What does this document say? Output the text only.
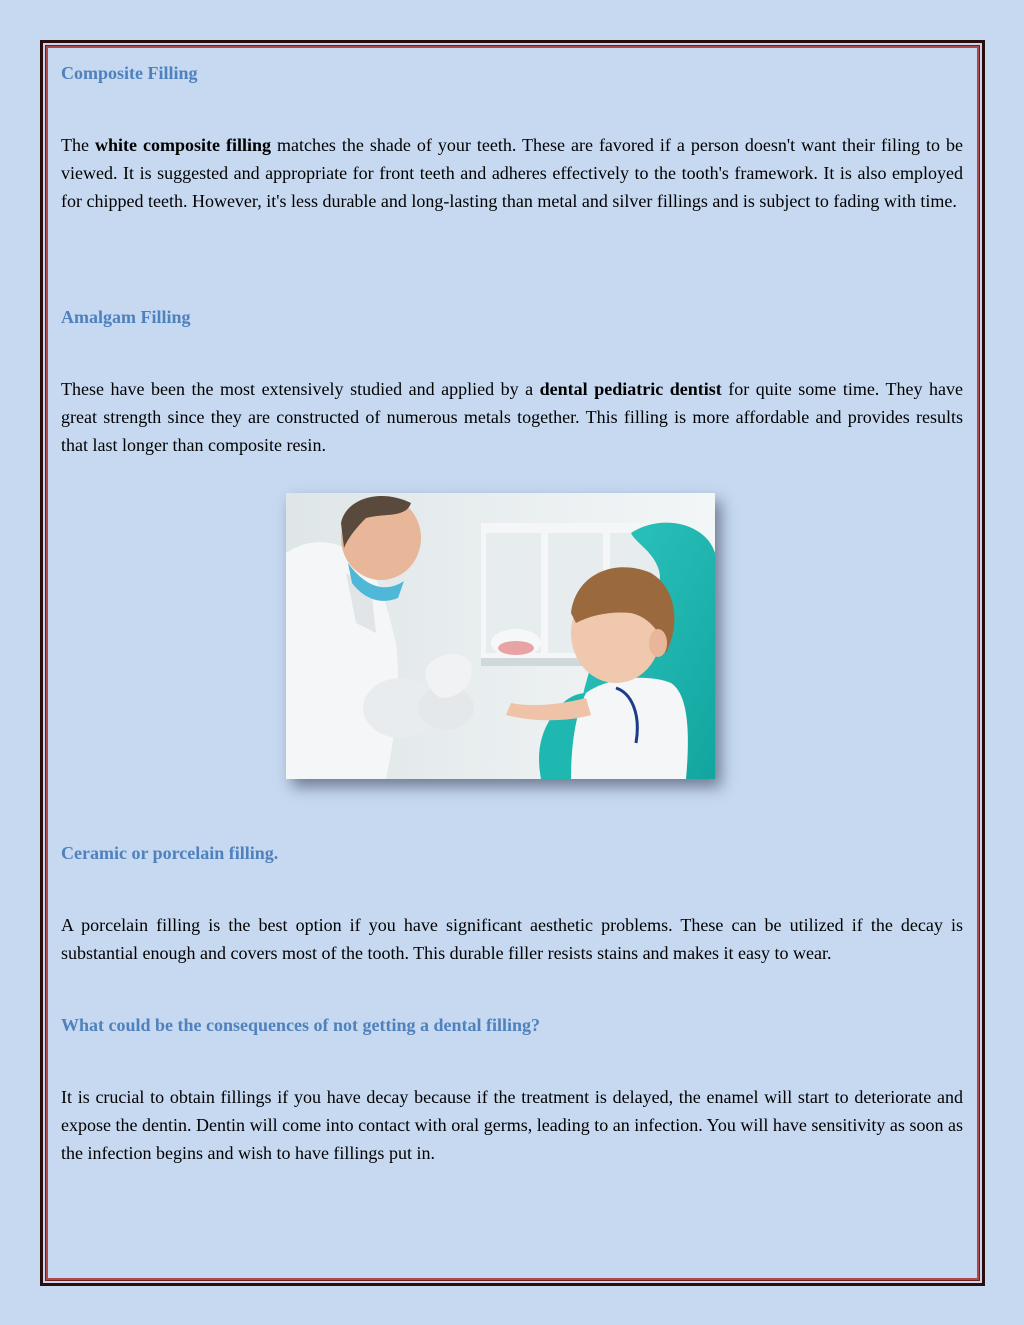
Composite Filling

The white composite filling matches the shade of your teeth. These are favored if a person doesn't want their filing to be viewed. It is suggested and appropriate for front teeth and adheres effectively to the tooth's framework. It is also employed for chipped teeth. However, it's less durable and long-lasting than metal and silver fillings and is subject to fading with time.

Amalgam Filling

These have been the most extensively studied and applied by a dental pediatric dentist for quite some time. They have great strength since they are constructed of numerous metals together. This filling is more affordable and provides results that last longer than composite resin.

Ceramic or porcelain filling.

A porcelain filling is the best option if you have significant aesthetic problems. These can be utilized if the decay is substantial enough and covers most of the tooth. This durable filler resists stains and makes it easy to wear.

What could be the consequences of not getting a dental filling?

It is crucial to obtain fillings if you have decay because if the treatment is delayed, the enamel will start to deteriorate and expose the dentin. Dentin will come into contact with oral germs, leading to an infection. You will have sensitivity as soon as the infection begins and wish to have fillings put in.
